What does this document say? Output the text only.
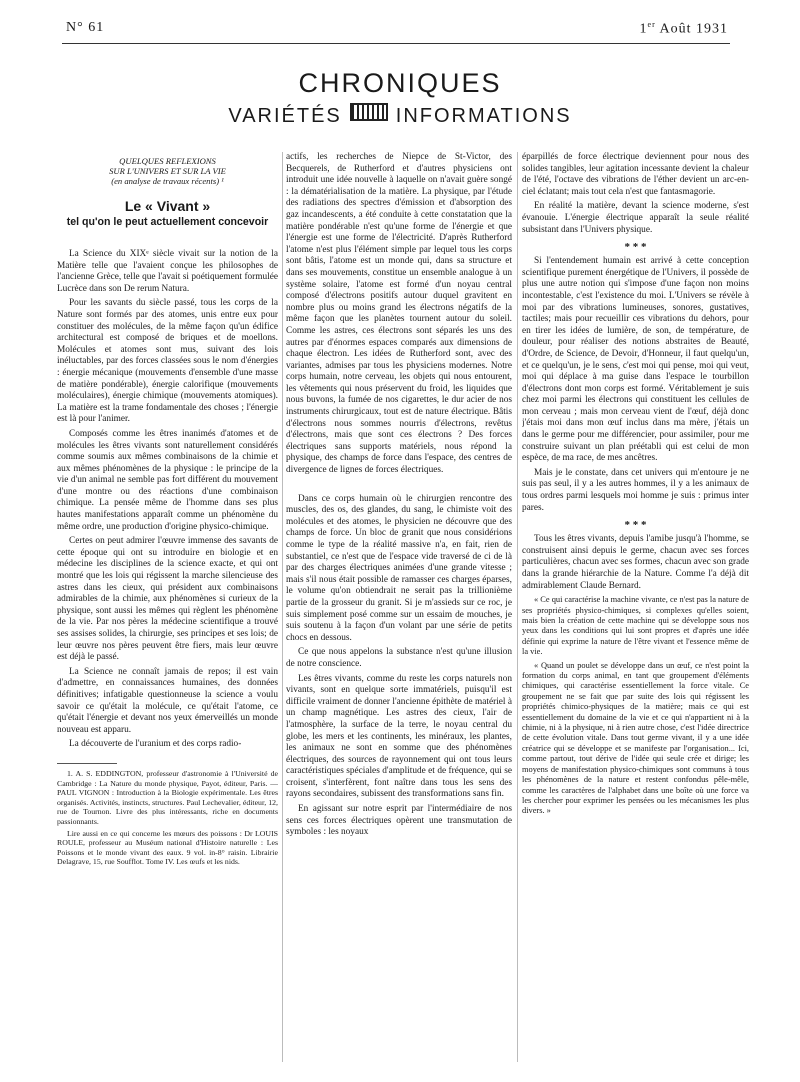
N° 61	1er Août 1931
CHRONIQUES
VARIÉTÉS	INFORMATIONS
QUELQUES REFLEXIONS
SUR L'UNIVERS ET SUR LA VIE
(en analyse de travaux récents) ¹
Le « Vivant »
tel qu'on le peut actuellement concevoir

La Science du XIXᵉ siècle vivait sur la notion de la Matière telle que l'avaient conçue les philosophes de l'ancienne Grèce, telle que l'avait si poétiquement formulée Lucrèce dans son De rerum Natura.

Pour les savants du siècle passé, tous les corps de la Nature sont formés par des atomes, unis entre eux pour constituer des molécules, de la même façon qu'un édifice architectural est composé de briques et de moellons. Molécules et atomes sont mus, suivant des lois inéluctables, par des forces classées sous le nom d'énergies : énergie mécanique (mouvements d'ensemble d'une masse de matière pondérable), énergie calorifique (mouvements moléculaires), énergie chimique (mouvements atomiques). La matière est la trame fondamentale des choses ; l'énergie est là pour l'animer.

Composés comme les êtres inanimés d'atomes et de molécules les êtres vivants sont naturellement considérés comme soumis aux mêmes combinaisons de la chimie et aux mêmes phénomènes de la physique : le principe de la vie d'un animal ne semble pas fort différent du mouvement d'une montre ou des réactions d'une combinaison chimique. La pensée même de l'homme dans ses plus hautes manifestations apparaît comme un phénomène du même ordre, une production d'origine physico-chimique.

Certes on peut admirer l'œuvre immense des savants de cette époque qui ont su introduire en biologie et en médecine les disciplines de la science exacte, et qui ont montré que les lois qui régissent la marche silencieuse des astres dans les cieux, qui président aux combinaisons admirables de la chimie, aux phénomènes si curieux de la physique, sont aussi les mêmes qui règlent les phénomène de la vie. Par nos pères la médecine scientifique a trouvé ses assises solides, la chirurgie, ses principes et ses lois; de leur œuvre nos pères peuvent être fiers, mais leur œuvre est déjà le passé.

La Science ne connaît jamais de repos; il est vain d'admettre, en connaissances humaines, des données définitives; infatigable questionneuse la science a voulu savoir ce qu'était la molécule, ce qu'était l'atome, ce qu'était l'énergie et devant nos yeux émerveillés un monde nouveau est apparu.

La découverte de l'uranium et des corps radio-

1. A. S. EDDINGTON, professeur d'astronomie à l'Université de Cambridge : La Nature du monde physique, Payot, éditeur, Paris. — PAUL VIGNON : Introduction à la Biologie expérimentale. Les êtres organisés. Activités, instincts, structures. Paul Lechevalier, éditeur, 12, rue de Tournon. Livre des plus intéressants, riche en documents passionnants.

Lire aussi en ce qui concerne les mœurs des poissons : Dr LOUIS ROULE, professeur au Muséum national d'Histoire naturelle : Les Poissons et le monde vivant des eaux. 9 vol. in-8° raisin. Librairie Delagrave, 15, rue Soufflot. Tome IV. Les œufs et les nids.

actifs, les recherches de Niepce de St-Victor, des Becquerels, de Rutherford et d'autres physiciens ont introduit une idée nouvelle à laquelle on n'avait guère songé : la dématérialisation de la matière. La physique, par l'étude des radiations des spectres d'émission et d'absorption des gaz incandescents, a été conduite à cette constatation que la matière pondérable n'est qu'une forme de l'énergie et que l'énergie est une forme de l'électricité. D'après Rutherford l'atome n'est plus l'élément simple par lequel tous les corps sont bâtis, l'atome est un monde qui, dans sa structure et dans ses mouvements, constitue un ensemble analogue à un système solaire, l'atome est formé d'un noyau central composé d'électrons positifs autour duquel gravitent en nombre plus ou moins grand les électrons négatifs de la même façon que les planètes tournent autour du soleil. Comme les astres, ces électrons sont séparés les uns des autres par d'énormes espaces comparés aux dimensions de chaque électron. Les idées de Rutherford sont, avec des variantes, admises par tous les physiciens modernes. Notre corps humain, notre cerveau, les objets qui nous entourent, les vêtements qui nous préservent du froid, les liquides que nous buvons, la fumée de nos cigarettes, le dur acier de nos instruments chirurgicaux, tout est de nature électrique. Bâtis d'électrons nous sommes nourris d'électrons, revêtus d'électrons, mais que sont ces électrons ? Des forces électriques sans supports matériels, nous répond la physique, des champs de force dans l'espace, des centres de divergence de lignes de forces électriques.

Dans ce corps humain où le chirurgien rencontre des muscles, des os, des glandes, du sang, le chimiste voit des molécules et des atomes, le physicien ne découvre que des champs de force. Un bloc de granit que nous considérions comme le type de la réalité massive n'a, en fait, rien de substantiel, ce n'est que de l'espace vide traversé de ci de là par des charges électriques animées d'une grande vitesse ; mais s'il nous était possible de ramasser ces charges éparses, le volume qu'on obtiendrait ne serait pas la trillionième partie de la grosseur du granit. Si je m'assieds sur ce roc, je suis simplement posé comme sur un essaim de mouches, je suis soutenu à la façon d'un volant par une série de petits chocs en dessous.

Ce que nous appelons la substance n'est qu'une illusion de notre conscience.

Les êtres vivants, comme du reste les corps naturels non vivants, sont en quelque sorte immatériels, puisqu'il est difficile vraiment de donner l'ancienne épithète de matériel à un champ magnétique. Les astres des cieux, l'air de l'atmosphère, la surface de la terre, le noyau central du globe, les mers et les continents, les minéraux, les plantes, les animaux ne sont en somme que des phénomènes électriques, des sources de rayonnement qui ont tous leurs caractéristiques spéciales d'amplitude et de fréquence, qui se croisent, s'interfèrent, font naître dans tous les sens des rayons secondaires, subissent des transformations sans fin.

En agissant sur notre esprit par l'intermédiaire de nos sens ces forces électriques opèrent une transmutation de symboles : les noyaux

éparpillés de force électrique deviennent pour nous des solides tangibles, leur agitation incessante devient la chaleur de l'été, l'octave des vibrations de l'éther devient un arc-en-ciel éclatant; mais tout cela n'est que fantasmagorie.

En réalité la matière, devant la science moderne, s'est évanouie. L'énergie électrique apparaît la seule réalité subsistant dans l'Univers physique.

* * *

Si l'entendement humain est arrivé à cette conception scientifique purement énergétique de l'Univers, il possède de plus une autre notion qui s'impose d'une façon non moins incontestable, c'est l'existence du moi. L'Univers se révèle à moi par des vibrations lumineuses, sonores, gustatives, tactiles; mais pour recueillir ces vibrations du dehors, pour en tirer les idées de lumière, de son, de température, de douleur, pour réaliser des notions abstraites de Beauté, d'Ordre, de Science, de Devoir, d'Honneur, il faut quelqu'un, et ce quelqu'un, je le sens, c'est moi qui pense, moi qui veut, moi qui déplace à ma guise dans l'espace le tourbillon d'électrons dont mon corps est formé. Véritablement je suis chez moi parmi les électrons qui constituent les cellules de mon cerveau ; mais mon cerveau vient de l'œuf, déjà donc j'étais moi dans mon œuf inclus dans ma mère, j'étais un dans le germe pour me différencier, pour assimiler, pour me construire suivant un plan préétabli qui est celui de mon espèce, de ma race, de mes ancêtres.

Mais je le constate, dans cet univers qui m'entoure je ne suis pas seul, il y a les autres hommes, il y a les animaux de tous ordres parmi lesquels moi homme je suis : primus inter pares.

* * *

Tous les êtres vivants, depuis l'amibe jusqu'à l'homme, se construisent ainsi depuis le germe, chacun avec ses forces particulières, chacun avec ses formes, chacun avec son grade dans la grande hiérarchie de la Nature. Comme l'a déjà dit admirablement Claude Bernard.

« Ce qui caractérise la machine vivante, ce n'est pas la nature de ses propriétés physico-chimiques, si complexes qu'elles soient, mais bien la création de cette machine qui se développe sous nos yeux dans les conditions qui lui sont propres et d'après une idée définie qui exprime la nature de l'être vivant et l'essence même de la vie.

« Quand un poulet se développe dans un œuf, ce n'est point la formation du corps animal, en tant que groupement d'éléments chimiques, qui caractérise essentiellement la force vitale. Ce groupement ne se fait que par suite des lois qui régissent les propriétés chimico-physiques de la matière; mais ce qui est essentiellement du domaine de la vie et ce qui n'appartient ni à la chimie, ni à la physique, ni à rien autre chose, c'est l'idée directrice de cette évolution vitale. Dans tout germe vivant, il y a une idée créatrice qui se développe et se manifeste par l'organisation... Ici, comme partout, tout dérive de l'idée qui seule crée et dirige; les moyens de manifestation physico-chimiques sont communs à tous les phénomènes de la nature et restent confondus pêle-mêle, comme les caractères de l'alphabet dans une boîte où une force va les chercher pour exprimer les pensées ou les mécanismes les plus divers. »
